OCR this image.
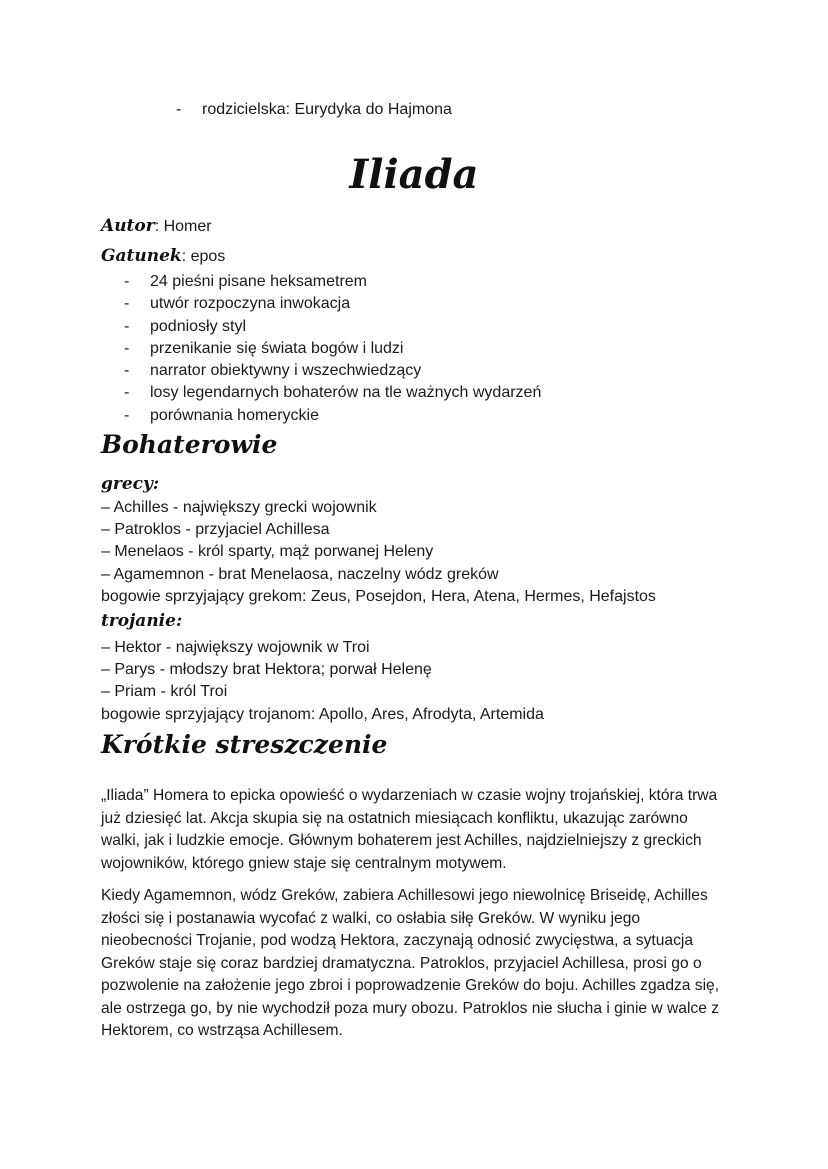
- rodzicielska: Eurydyka do Hajmona
Iliada
Autor: Homer
Gatunek: epos
- 24 pieśni pisane heksametrem
- utwór rozpoczyna inwokacja
- podniosły styl
- przenikanie się świata bogów i ludzi
- narrator obiektywny i wszechwiedzący
- losy legendarnych bohaterów na tle ważnych wydarzeń
- porównania homeryckie
Bohaterowie
grecy:
– Achilles - największy grecki wojownik
– Patroklos - przyjaciel Achillesa
– Menelaos - król sparty, mąż porwanej Heleny
– Agamemnon - brat Menelaosa, naczelny wódz greków
bogowie sprzyjający grekom: Zeus, Posejdon, Hera, Atena, Hermes, Hefajstos
trojanie:
– Hektor - największy wojownik w Troi
– Parys - młodszy brat Hektora; porwał Helenę
– Priam - król Troi
bogowie sprzyjający trojanom: Apollo, Ares, Afrodyta, Artemida
Krótkie streszczenie

„Iliada” Homera to epicka opowieść o wydarzeniach w czasie wojny trojańskiej, która trwa już dziesięć lat. Akcja skupia się na ostatnich miesiącach konfliktu, ukazując zarówno walki, jak i ludzkie emocje. Głównym bohaterem jest Achilles, najdzielniejszy z greckich wojowników, którego gniew staje się centralnym motywem.

Kiedy Agamemnon, wódz Greków, zabiera Achillesowi jego niewolnicę Briseidę, Achilles złości się i postanawia wycofać z walki, co osłabia siłę Greków. W wyniku jego nieobecności Trojanie, pod wodzą Hektora, zaczynają odnosić zwycięstwa, a sytuacja Greków staje się coraz bardziej dramatyczna. Patroklos, przyjaciel Achillesa, prosi go o pozwolenie na założenie jego zbroi i poprowadzenie Greków do boju. Achilles zgadza się, ale ostrzega go, by nie wychodził poza mury obozu. Patroklos nie słucha i ginie w walce z Hektorem, co wstrząsa Achillesem.
